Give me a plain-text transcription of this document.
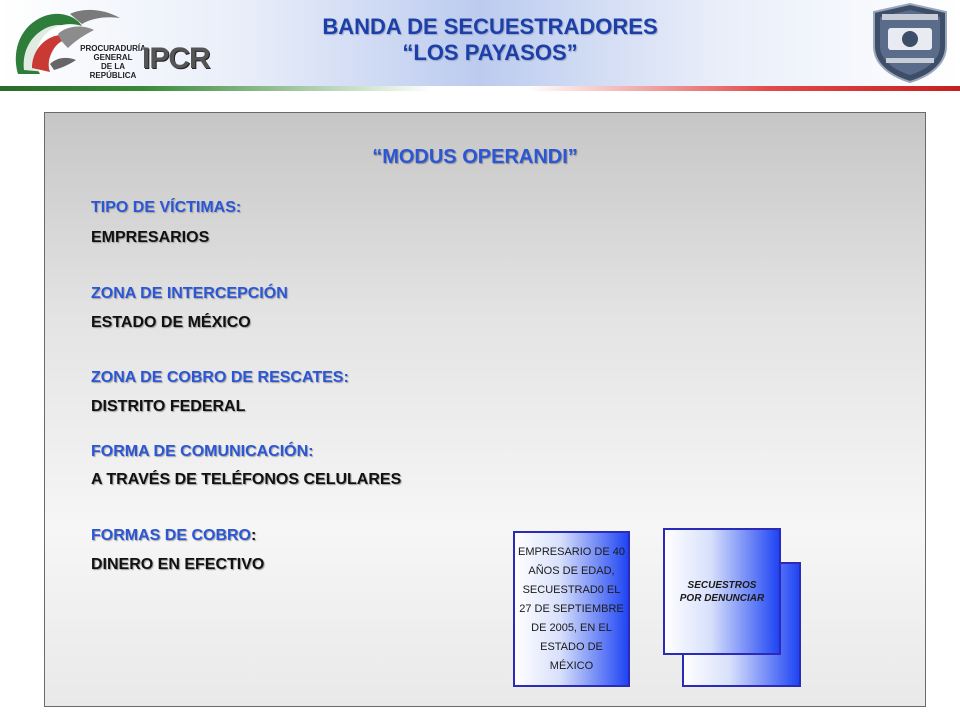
PROCURADURÍA
GENERAL
DE LA REPÚBLICA
IPCR
BANDA DE SECUESTRADORES
“LOS PAYASOS”
“MODUS OPERANDI”
TIPO DE VÍCTIMAS:
EMPRESARIOS
ZONA DE INTERCEPCIÓN
ESTADO DE MÉXICO
ZONA DE COBRO DE RESCATES:
DISTRITO FEDERAL
FORMA DE COMUNICACIÓN:
A TRAVÉS DE TELÉFONOS CELULARES
FORMAS DE COBRO:
DINERO EN EFECTIVO
EMPRESARIO DE 40
AÑOS DE EDAD,
SECUESTRAD0 EL
27 DE SEPTIEMBRE
DE 2005, EN EL
ESTADO DE
MÉXICO
SECUESTROS
POR DENUNCIAR
